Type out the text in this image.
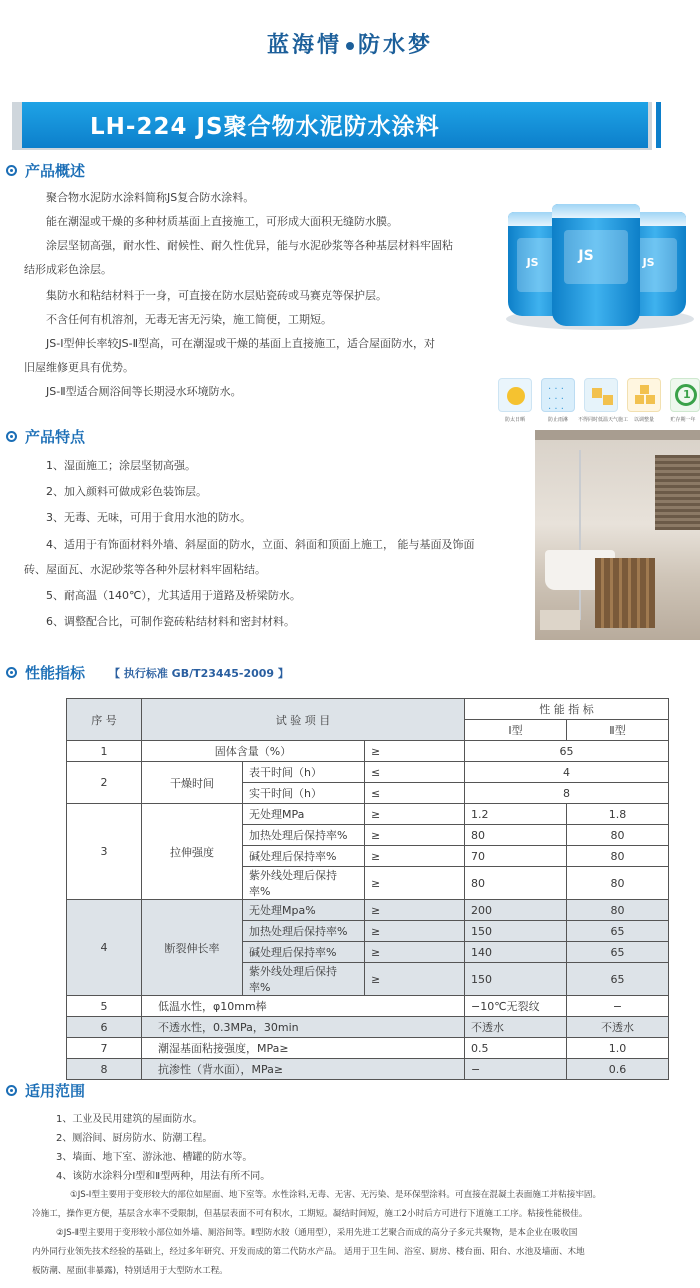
蓝海情 防水梦
LH-224 JS聚合物水泥防水涂料
产品概述
聚合物水泥防水涂料简称JS复合防水涂料。
能在潮湿或干燥的多种材质基面上直接施工，可形成大面积无缝防水膜。
涂层坚韧高强，耐水性、耐候性、耐久性优异，能与水泥砂浆等各种基层材料牢固粘
结形成彩色涂层。
集防水和粘结材料于一身，可直接在防水层贴瓷砖或马赛克等保护层。
不含任何有机溶剂，无毒无害无污染，施工简便，工期短。
JS-Ⅰ型伸长率较JS-Ⅱ型高，可在潮湿或干燥的基面上直接施工，适合屋面防水，对
旧屋维修更具有优势。
JS-Ⅱ型适合厕浴间等长期浸水环境防水。
JS	JS
JS
防太日晒
· · ·
· · ·
· · ·
防止雨淋	不得同时低温天气施工	以调整量
1
贮存期一年
产品特点
1、湿面施工；涂层坚韧高强。
2、加入颜料可做成彩色装饰层。
3、无毒、无味，可用于食用水池的防水。
4、适用于有饰面材料外墙、斜屋面的防水，立面、斜面和顶面上施工， 能与基面及饰面
砖、屋面瓦、水泥砂浆等各种外层材料牢固粘结。
5、耐高温（140℃），尤其适用于道路及桥梁防水。
6、调整配合比，可制作瓷砖粘结材料和密封材料。
性能指标 【 执行标准 GB/T23445-2009 】
序 号	试 验 项 目			性 能 指 标	
				Ⅰ型	Ⅱ型
1	固体含量（%）		≥	65	
2	干燥时间	表干时间（h）	≤	4	
		实干时间（h）	≤	8	
3	拉伸强度	无处理MPa	≥	1.2	1.8
		加热处理后保持率%	≥	80	80
		碱处理后保持率%	≥	70	80
		紫外线处理后保持率%	≥	80	80
4	断裂伸长率	无处理Mpa%	≥	200	80
		加热处理后保持率%	≥	150	65
		碱处理后保持率%	≥	140	65
		紫外线处理后保持率%	≥	150	65
5	低温水性，φ10mm棒			−10℃无裂纹	−
6	不透水性，0.3MPa，30min			不透水	不透水
7	潮湿基面粘接强度，MPa≥			0.5	1.0
8	抗渗性（背水面），MPa≥			−	0.6
适用范围
1、工业及民用建筑的屋面防水。
2、厕浴间、厨房防水、防潮工程。
3、墙面、地下室、游泳池、槽罐的防水等。
4、该防水涂料分Ⅰ型和Ⅱ型两种，用法有所不同。
①JS-Ⅰ型主要用于变形较大的部位如屋面、地下室等。水性涂料,无毒、无害、无污染、是环保型涂料。可直接在混凝土表面施工并粘接牢固。
冷施工，操作更方便，基层含水率不受限制，但基层表面不可有积水，工期短。凝结时间短，施工2小时后方可进行下道施工工序。粘接性能极佳。
②JS-Ⅱ型主要用于变形较小部位如外墙、厕浴间等。Ⅱ型防水胶（通用型），采用先进工艺聚合而成的高分子多元共聚物，是本企业在吸收国
内外同行业领先技术经验的基础上，经过多年研究、开发而成的第二代防水产品。 适用于卫生间、浴室、厨房、楼台面、阳台、水池及墙面、木地
板防潮、屋面(非暴露)，特别适用于大型防水工程。
